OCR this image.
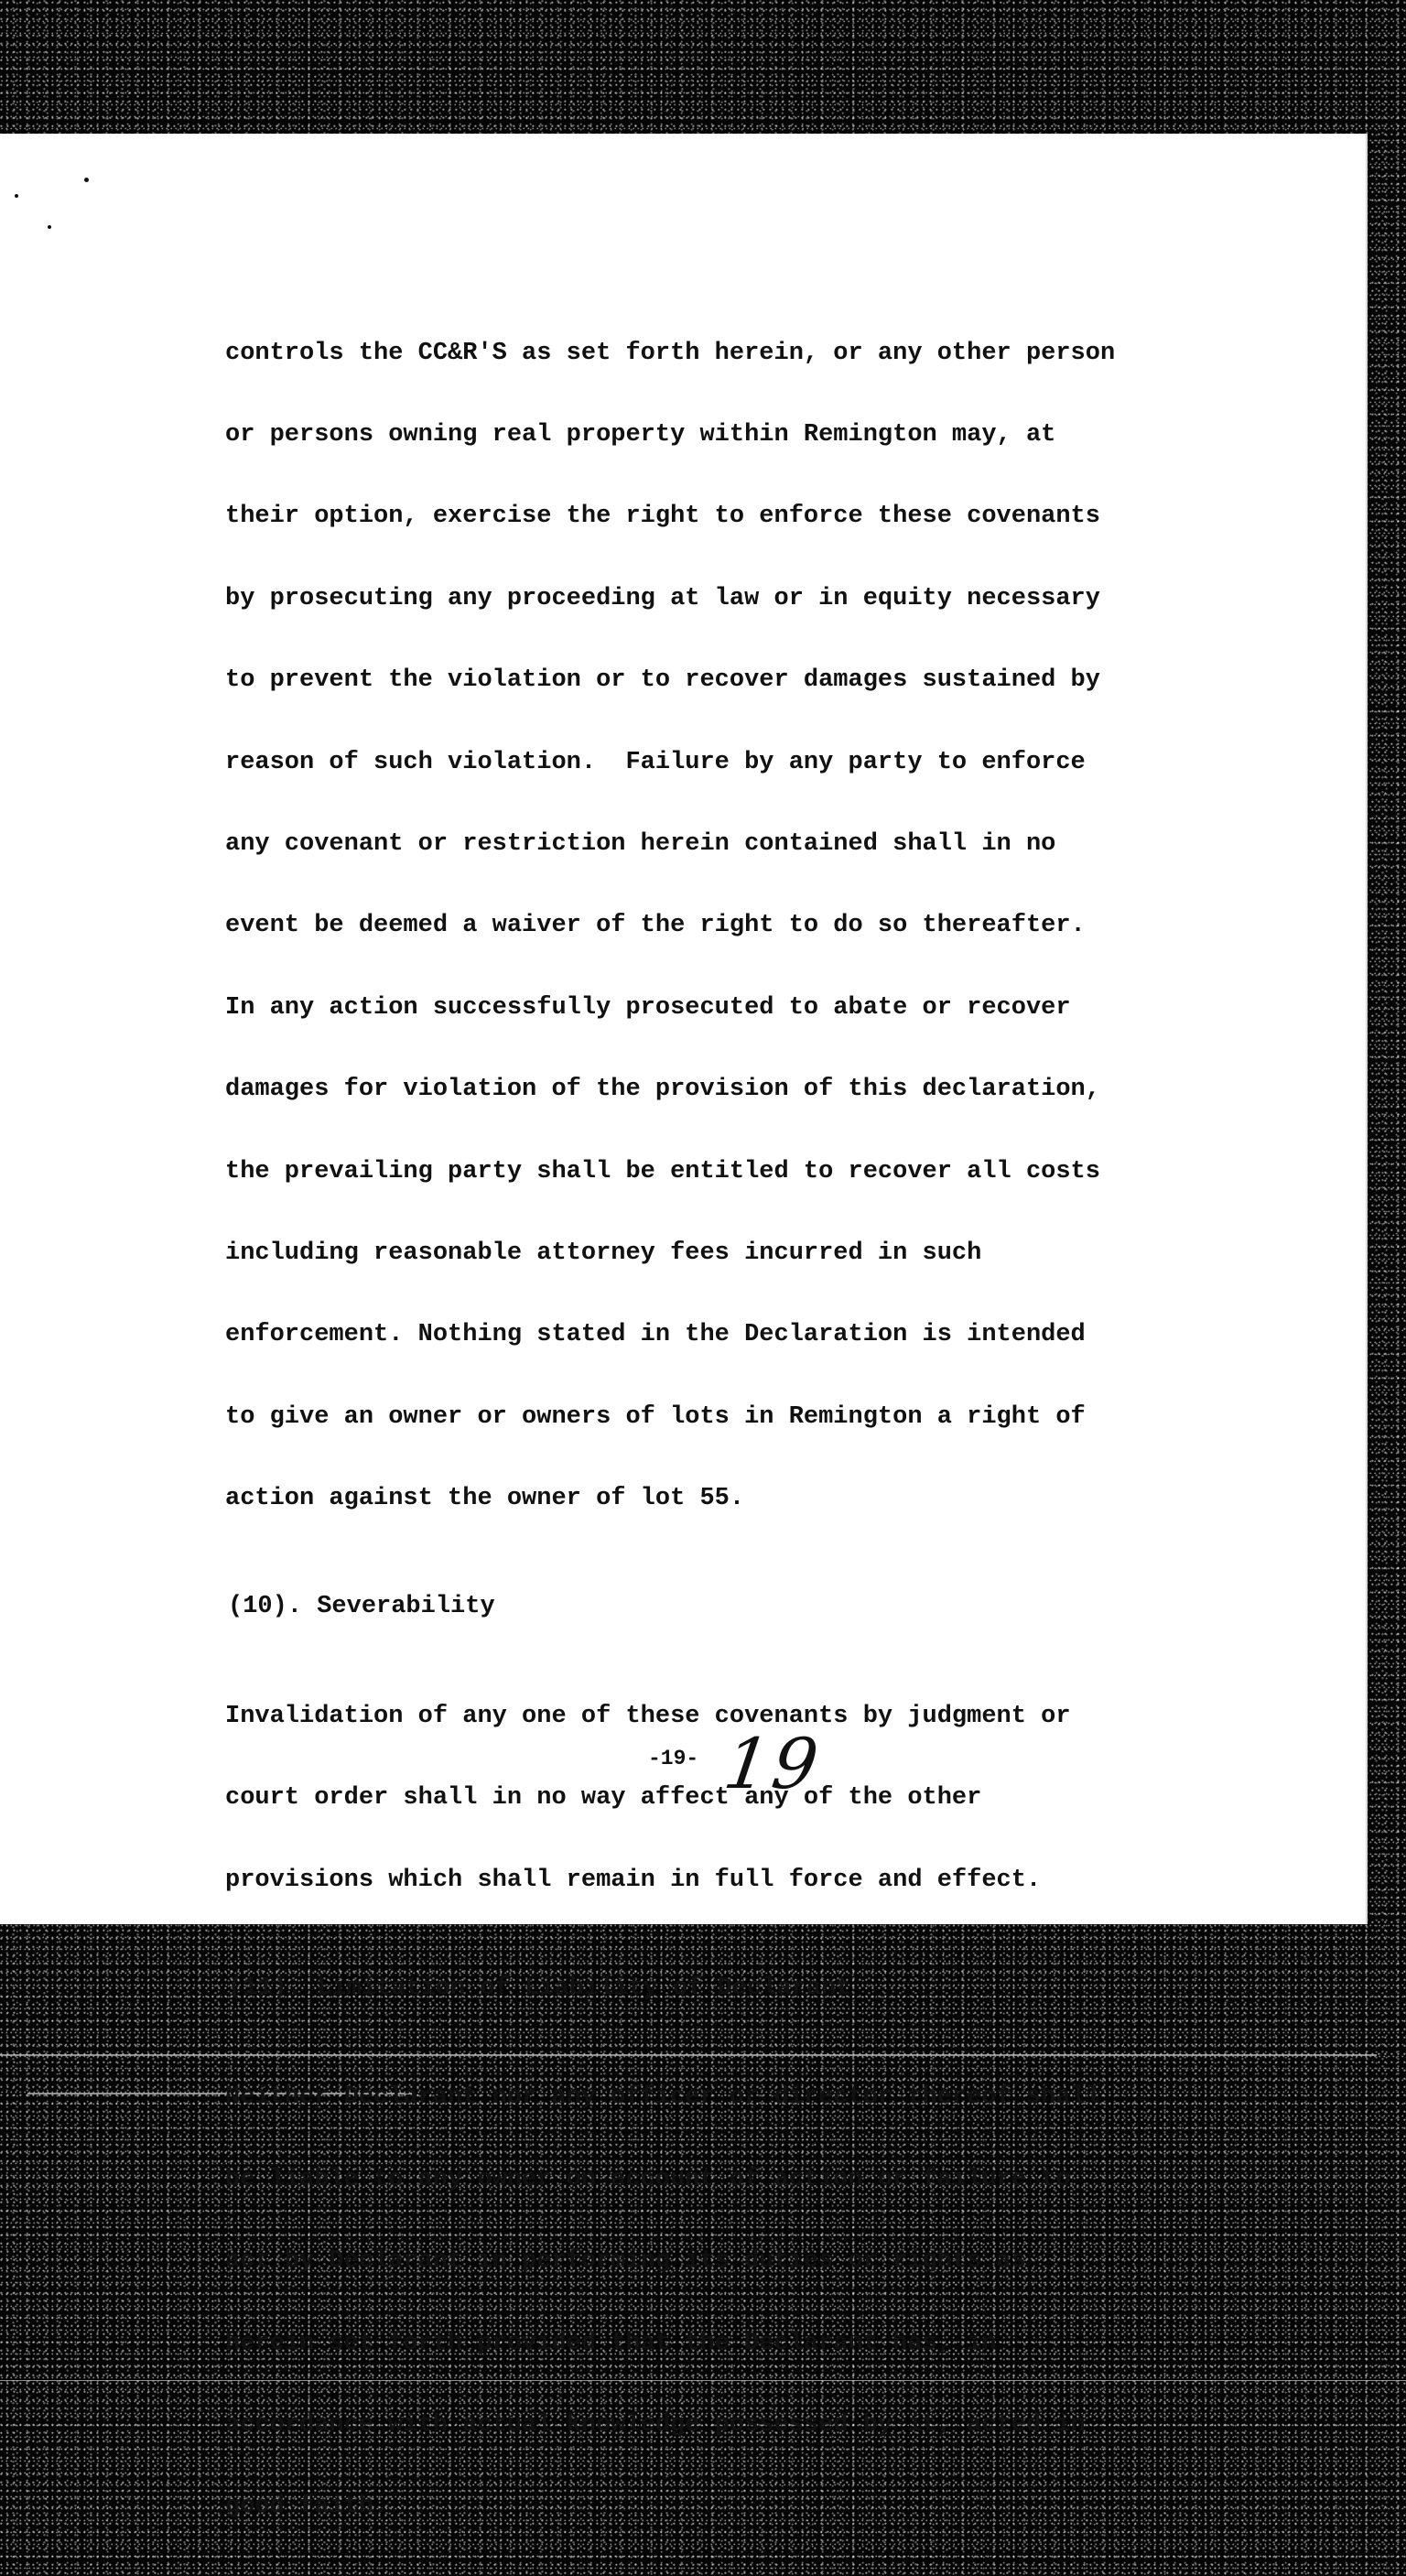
controls the CC&R'S as set forth herein, or any other person

or persons owning real property within Remington may, at

their option, exercise the right to enforce these covenants

by prosecuting any proceeding at law or in equity necessary

to prevent the violation or to recover damages sustained by

reason of such violation.  Failure by any party to enforce

any covenant or restriction herein contained shall in no

event be deemed a waiver of the right to do so thereafter.

In any action successfully prosecuted to abate or recover

damages for violation of the provision of this declaration,

the prevailing party shall be entitled to recover all costs

including reasonable attorney fees incurred in such

enforcement. Nothing stated in the Declaration is intended

to give an owner or owners of lots in Remington a right of

action against the owner of lot 55.

(10). Severability

Invalidation of any one of these covenants by judgment or

court order shall in no way affect any of the other

provisions which shall remain in full force and effect.

(11). Limitation of Liability of Declarant

Neither Declarant nor any officer or director thereof shall

be liable to any owner on account of action or failure to

act by Declarant in performing its duties or rights as

herein set forth provided that the Declarant has, in

accordance with actual knowledge possessed by it, acted in

good faith.

-19- 19
